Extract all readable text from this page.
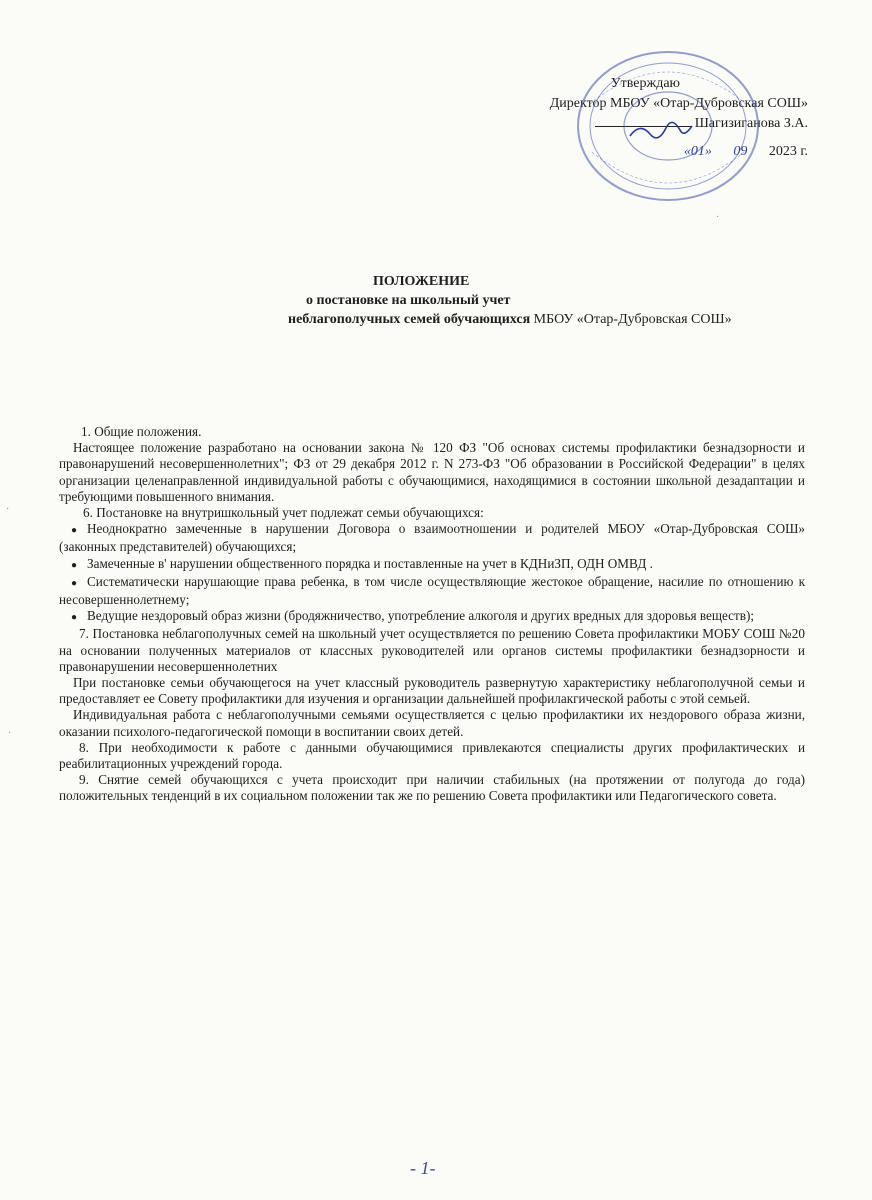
Утверждаю
Директор МБОУ «Отар-Дубровская СОШ»
Шагизиганова З.А.
«01» 09 2023 г.
ПОЛОЖЕНИЕ
о постановке на школьный учет
неблагополучных семей обучающихся МБОУ «Отар-Дубровская СОШ»

1. Общие положения.

Настоящее положение разработано на основании закона № 120 ФЗ "Об основах системы профилактики безнадзорности и правонарушений несовершеннолетних"; ФЗ от 29 декабря 2012 г. N 273-ФЗ "Об образовании в Российской Федерации" в целях организации целенаправленной индивидуальной работы с обучающимися, находящимися в состоянии школьной дезадаптации и требующими повышенного внимания.

6. Постановке на внутришкольный учет подлежат семьи обучающихся:

● Неоднократно замеченные в нарушении Договора о взаимоотношении и родителей МБОУ «Отар-Дубровская СОШ» (законных представителей) обучающихся;

● Замеченные в' нарушении общественного порядка и поставленные на учет в КДНиЗП, ОДН ОМВД .

● Систематически нарушающие права ребенка, в том числе осуществляющие жестокое обращение, насилие по отношению к несовершеннолетнему;

● Ведущие нездоровый образ жизни (бродяжничество, употребление алкоголя и других вредных для здоровья веществ);

7. Постановка неблагополучных семей на школьный учет осуществляется по решению Совета профилактики МОБУ СОШ №20 на основании полученных материалов от классных руководителей или органов системы профилактики безнадзорности и правонарушении несовершеннолетних

При постановке семьи обучающегося на учет классный руководитель развернутую характеристику неблагополучной семьи и предоставляет ее Совету профилактики для изучения и организации дальнейшей профилакгической работы с этой семьей.

Индивидуальная работа с неблагополучными семьями осуществляется с целью профилактики их нездорового образа жизни, оказании психолого-педагогической помощи в воспитании своих детей.

8. При необходимости к работе с данными обучающимися привлекаются специалисты других профилактических и реабилитационных учреждений города.

9. Снятие семей обучающихся с учета происходит при наличии стабильных (на протяжении от полугода до года) положительных тенденций в их социальном положении так же по решению Совета профилактики или Педагогического совета.

·
·
·
- 1-
